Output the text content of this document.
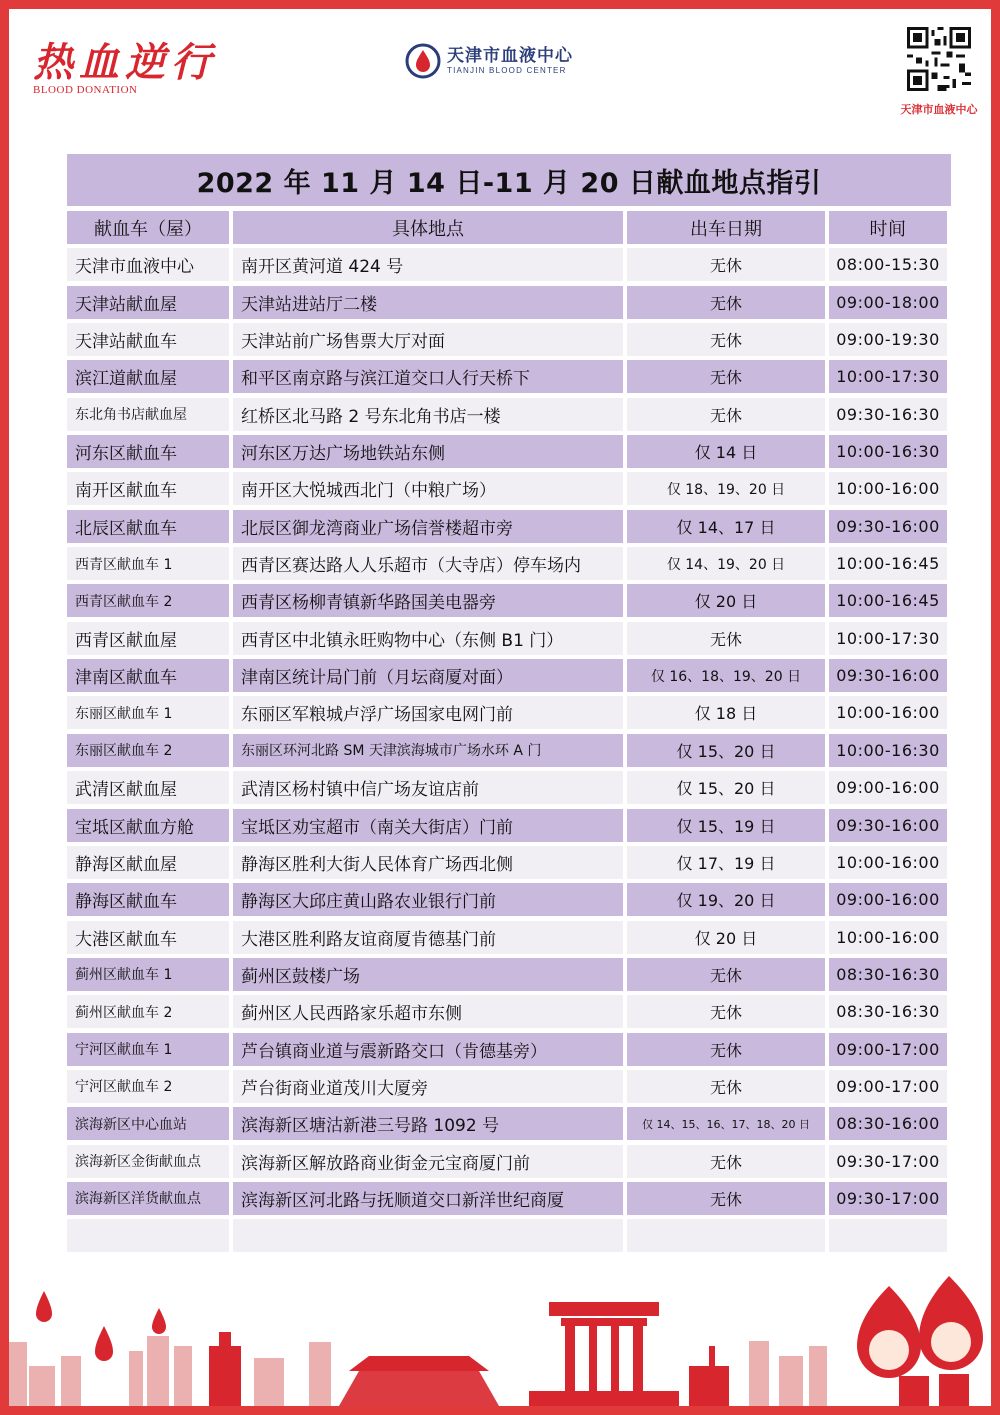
热血逆行
BLOOD DONATION
天津市血液中心
TIANJIN BLOOD CENTER
天津市血液中心
2022 年 11 月 14 日-11 月 20 日献血地点指引
献血车（屋）	具体地点	出车日期	时间
天津市血液中心	南开区黄河道 424 号	无休	08:00-15:30
天津站献血屋	天津站进站厅二楼	无休	09:00-18:00
天津站献血车	天津站前广场售票大厅对面	无休	09:00-19:30
滨江道献血屋	和平区南京路与滨江道交口人行天桥下	无休	10:00-17:30
东北角书店献血屋	红桥区北马路 2 号东北角书店一楼	无休	09:30-16:30
河东区献血车	河东区万达广场地铁站东侧	仅 14 日	10:00-16:30
南开区献血车	南开区大悦城西北门（中粮广场）	仅 18、19、20 日	10:00-16:00
北辰区献血车	北辰区御龙湾商业广场信誉楼超市旁	仅 14、17 日	09:30-16:00
西青区献血车 1	西青区赛达路人人乐超市（大寺店）停车场内	仅 14、19、20 日	10:00-16:45
西青区献血车 2	西青区杨柳青镇新华路国美电器旁	仅 20 日	10:00-16:45
西青区献血屋	西青区中北镇永旺购物中心（东侧 B1 门）	无休	10:00-17:30
津南区献血车	津南区统计局门前（月坛商厦对面）	仅 16、18、19、20 日	09:30-16:00
东丽区献血车 1	东丽区军粮城卢浮广场国家电网门前	仅 18 日	10:00-16:00
东丽区献血车 2	东丽区环河北路 SM 天津滨海城市广场水环 A 门	仅 15、20 日	10:00-16:30
武清区献血屋	武清区杨村镇中信广场友谊店前	仅 15、20 日	09:00-16:00
宝坻区献血方舱	宝坻区劝宝超市（南关大街店）门前	仅 15、19 日	09:30-16:00
静海区献血屋	静海区胜利大街人民体育广场西北侧	仅 17、19 日	10:00-16:00
静海区献血车	静海区大邱庄黄山路农业银行门前	仅 19、20 日	09:00-16:00
大港区献血车	大港区胜利路友谊商厦肯德基门前	仅 20 日	10:00-16:00
蓟州区献血车 1	蓟州区鼓楼广场	无休	08:30-16:30
蓟州区献血车 2	蓟州区人民西路家乐超市东侧	无休	08:30-16:30
宁河区献血车 1	芦台镇商业道与震新路交口（肯德基旁）	无休	09:00-17:00
宁河区献血车 2	芦台街商业道茂川大厦旁	无休	09:00-17:00
滨海新区中心血站	滨海新区塘沽新港三号路 1092 号	仅 14、15、16、17、18、20 日	08:30-16:00
滨海新区金街献血点	滨海新区解放路商业街金元宝商厦门前	无休	09:30-17:00
滨海新区洋货献血点	滨海新区河北路与抚顺道交口新洋世纪商厦	无休	09:30-17:00
